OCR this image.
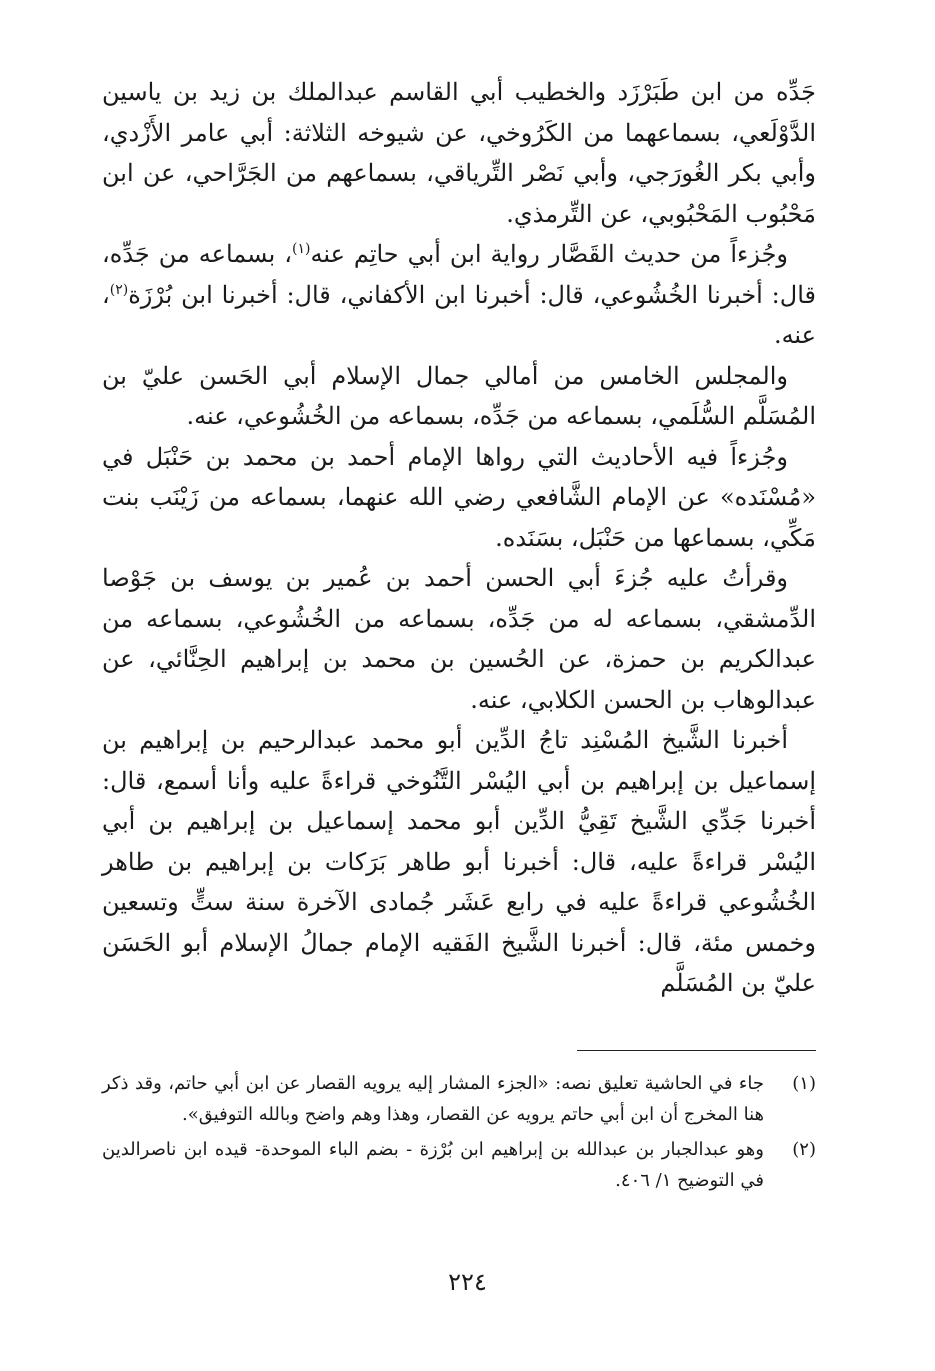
جَدِّه من ابن طَبَرْزَد والخطيب أبي القاسم عبدالملك بن زيد بن ياسين الدَّوْلَعي، بسماعهما من الكَرُوخي، عن شيوخه الثلاثة: أبي عامر الأَزْدي، وأبي بكر الغُورَجي، وأبي نَصْر التِّرياقي، بسماعهم من الجَرَّاحي، عن ابن مَحْبُوب المَحْبُوبي، عن التِّرمذي.

وجُزءاً من حديث القَصَّار رواية ابن أبي حاتِم عنه$^{(١)}$، بسماعه من جَدِّه، قال: أخبرنا الخُشُوعي، قال: أخبرنا ابن الأكفاني، قال: أخبرنا ابن بُرْزَة$^{(٢)}$، عنه.

والمجلس الخامس من أمالي جمال الإسلام أبي الحَسن عليّ بن المُسَلَّم السُّلَمي، بسماعه من جَدِّه، بسماعه من الخُشُوعي، عنه.

وجُزءاً فيه الأحاديث التي رواها الإمام أحمد بن محمد بن حَنْبَل في «مُسْنَده» عن الإمام الشَّافعي رضي الله عنهما، بسماعه من زَيْنَب بنت مَكِّي، بسماعها من حَنْبَل، بسَنَده.

وقرأتُ عليه جُزءَ أبي الحسن أحمد بن عُمير بن يوسف بن جَوْصا الدِّمشقي، بسماعه له من جَدِّه، بسماعه من الخُشُوعي، بسماعه من عبدالكريم بن حمزة، عن الحُسين بن محمد بن إبراهيم الحِنَّائي، عن عبدالوهاب بن الحسن الكلابي، عنه.

أخبرنا الشَّيخ المُسْنِد تاجُ الدِّين أبو محمد عبدالرحيم بن إبراهيم بن إسماعيل بن إبراهيم بن أبي اليُسْر التَّنُوخي قراءةً عليه وأنا أسمع، قال: أخبرنا جَدِّي الشَّيخ تَقِيُّ الدِّين أبو محمد إسماعيل بن إبراهيم بن أبي اليُسْر قراءةً عليه، قال: أخبرنا أبو طاهر بَرَكات بن إبراهيم بن طاهر الخُشُوعي قراءةً عليه في رابع عَشَر جُمادى الآخرة سنة ستٍّ وتسعين وخمس مئة، قال: أخبرنا الشَّيخ الفَقيه الإمام جمالُ الإسلام أبو الحَسَن عليّ بن المُسَلَّم

(١)
جاء في الحاشية تعليق نصه: «الجزء المشار إليه يرويه القصار عن ابن أبي حاتم، وقد ذكر هنا المخرج أن ابن أبي حاتم يرويه عن القصار، وهذا وهم واضح وبالله التوفيق».
(٢)
وهو عبدالجبار بن عبدالله بن إبراهيم ابن بُرْزة - بضم الباء الموحدة- قيده ابن ناصرالدين في التوضيح ١/ ٤٠٦.
٢٢٤
